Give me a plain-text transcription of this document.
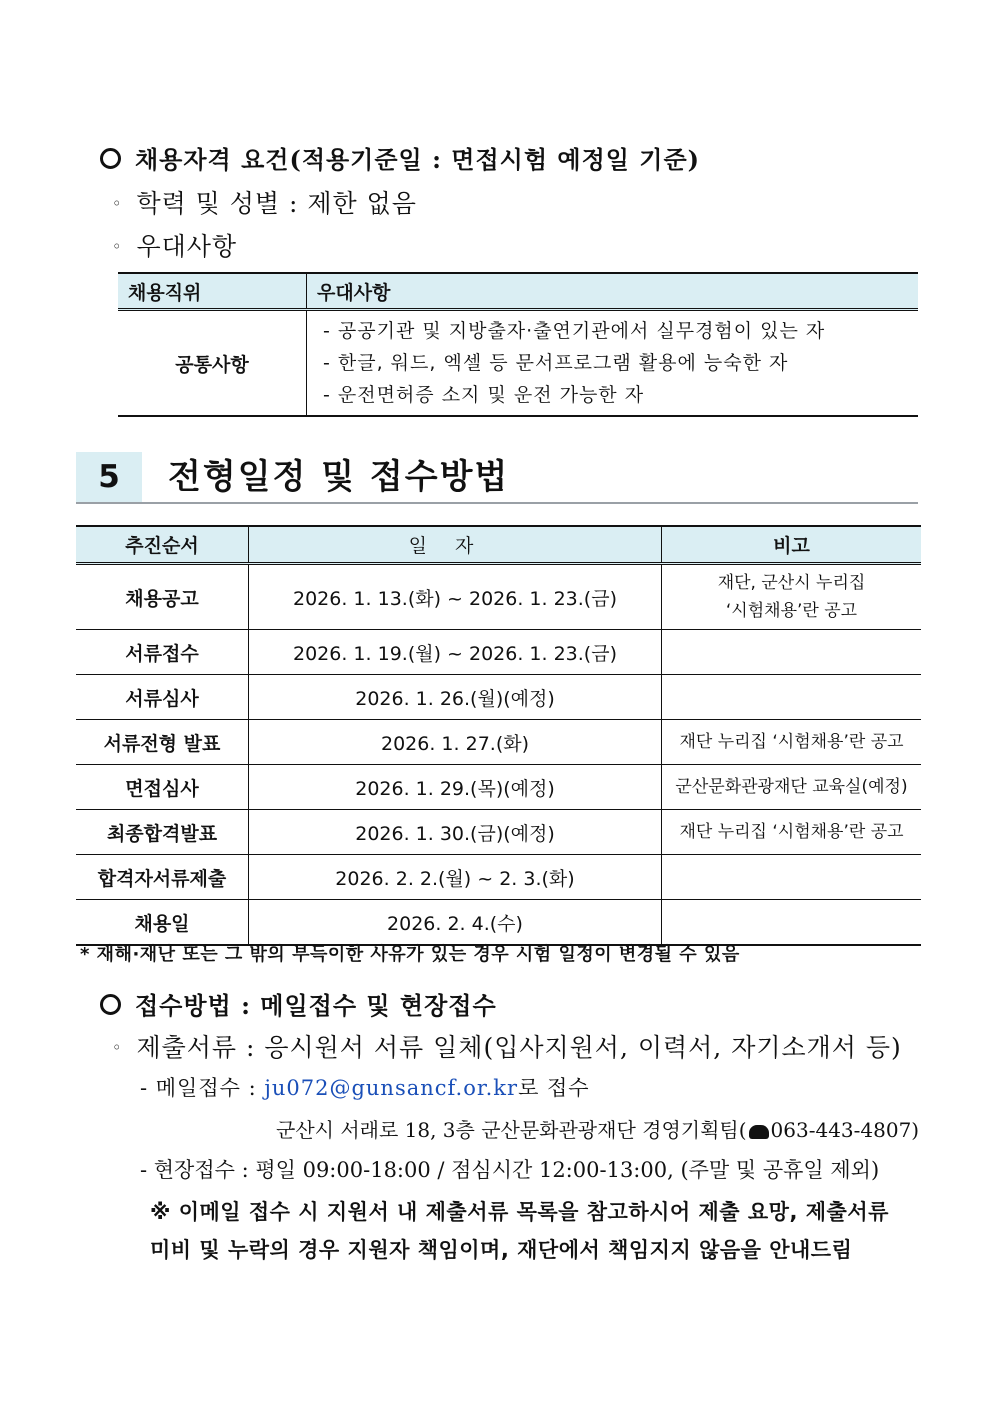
채용자격 요건(적용기준일 : 면접시험 예정일 기준)
◦ 학력 및 성별 : 제한 없음
◦ 우대사항
채용직위	우대사항
공통사항	- 공공기관 및 지방출자·출연기관에서 실무경험이 있는 자
- 한글, 워드, 엑셀 등 문서프로그램 활용에 능숙한 자
- 운전면허증 소지 및 운전 가능한 자
5	전형일정 및 접수방법
추진순서	일자	비고
채용공고	2026. 1. 13.(화) ~ 2026. 1. 23.(금)	재단, 군산시 누리집
‘시험채용’란 공고

서류접수	2026. 1. 19.(월) ~ 2026. 1. 23.(금)	
서류심사	2026. 1. 26.(월)(예정)	
서류전형 발표	2026. 1. 27.(화)	재단 누리집 ‘시험채용’란 공고
면접심사	2026. 1. 29.(목)(예정)	군산문화관광재단 교육실(예정)
최종합격발표	2026. 1. 30.(금)(예정)	재단 누리집 ‘시험채용’란 공고
합격자서류제출	2026. 2. 2.(월) ~ 2. 3.(화)	
채용일	2026. 2. 4.(수)	
* 재해·재난 또는 그 밖의 부득이한 사유가 있는 경우 시험 일정이 변경될 수 있음
접수방법 : 메일접수 및 현장접수
◦ 제출서류 : 응시원서 서류 일체(입사지원서, 이력서, 자기소개서 등)
- 메일접수 : ju072@gunsancf.or.kr로 접수
군산시 서래로 18, 3층 군산문화관광재단 경영기획팀( 063-443-4807)
- 현장접수 : 평일 09:00-18:00 / 점심시간 12:00-13:00, (주말 및 공휴일 제외)
※ 이메일 접수 시 지원서 내 제출서류 목록을 참고하시어 제출 요망, 제출서류
미비 및 누락의 경우 지원자 책임이며, 재단에서 책임지지 않음을 안내드림
